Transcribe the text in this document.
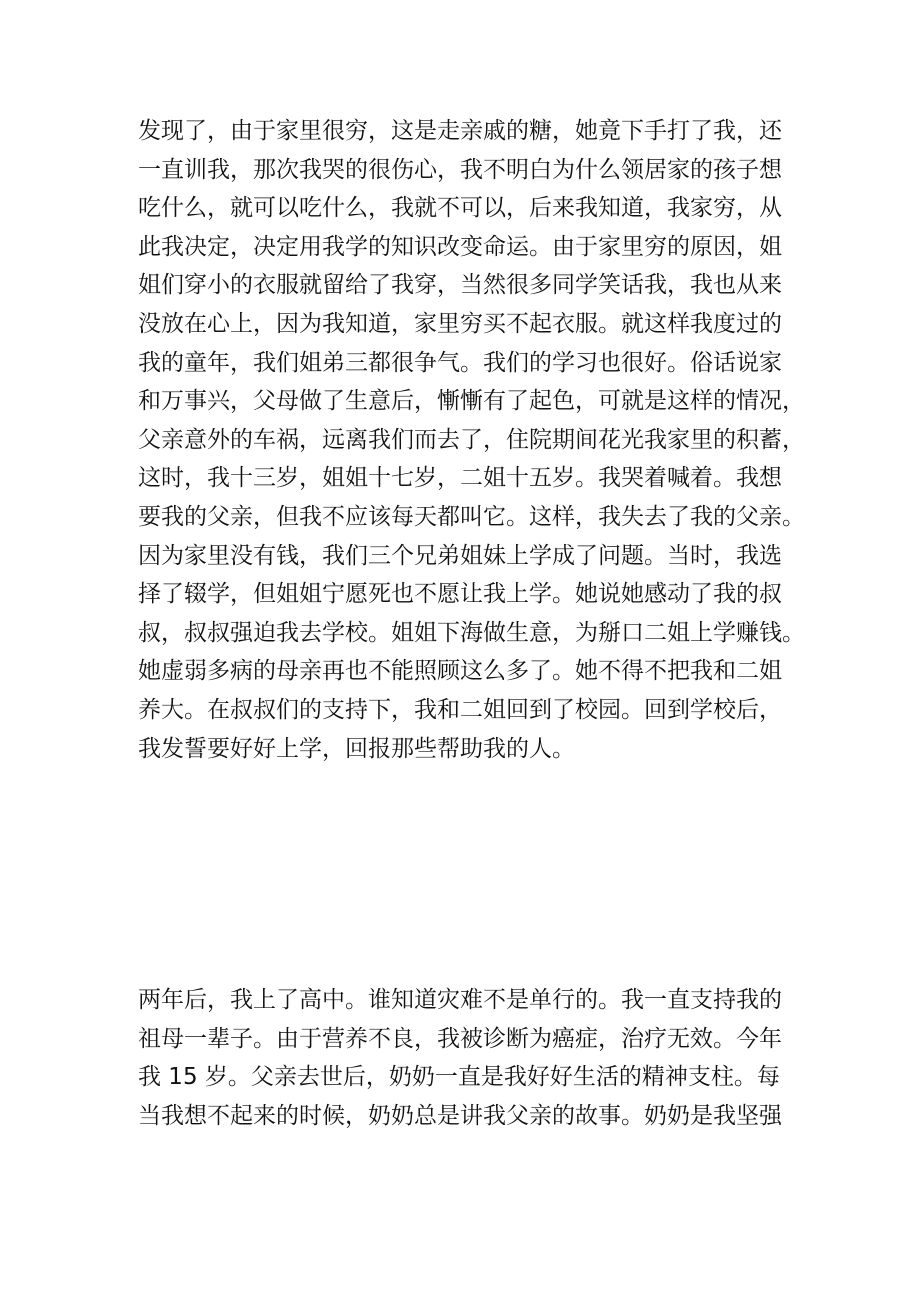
发现了，由于家里很穷，这是走亲戚的糖，她竟下手打了我，还
一直训我，那次我哭的很伤心，我不明白为什么领居家的孩子想
吃什么，就可以吃什么，我就不可以，后来我知道，我家穷，从
此我决定，决定用我学的知识改变命运。由于家里穷的原因，姐
姐们穿小的衣服就留给了我穿，当然很多同学笑话我，我也从来
没放在心上，因为我知道，家里穷买不起衣服。就这样我度过的
我的童年，我们姐弟三都很争气。我们的学习也很好。俗话说家
和万事兴，父母做了生意后，慚慚有了起色，可就是这样的情况，
父亲意外的车祸，远离我们而去了，住院期间花光我家里的积蓄，
这时，我十三岁，姐姐十七岁，二姐十五岁。我哭着喊着。我想
要我的父亲，但我不应该每天都叫它。这样，我失去了我的父亲。
因为家里没有钱，我们三个兄弟姐妹上学成了问题。当时，我选
择了辍学，但姐姐宁愿死也不愿让我上学。她说她感动了我的叔
叔，叔叔强迫我去学校。姐姐下海做生意，为掰口二姐上学赚钱。
她虚弱多病的母亲再也不能照顾这么多了。她不得不把我和二姐
养大。在叔叔们的支持下，我和二姐回到了校园。回到学校后，
我发誓要好好上学，回报那些帮助我的人。

两年后，我上了高中。谁知道灾难不是单行的。我一直支持我的
祖母一辈子。由于营养不良，我被诊断为癌症，治疗无效。今年
我 15 岁。父亲去世后，奶奶一直是我好好生活的精神支柱。每
当我想不起来的时候，奶奶总是讲我父亲的故事。奶奶是我坚强
